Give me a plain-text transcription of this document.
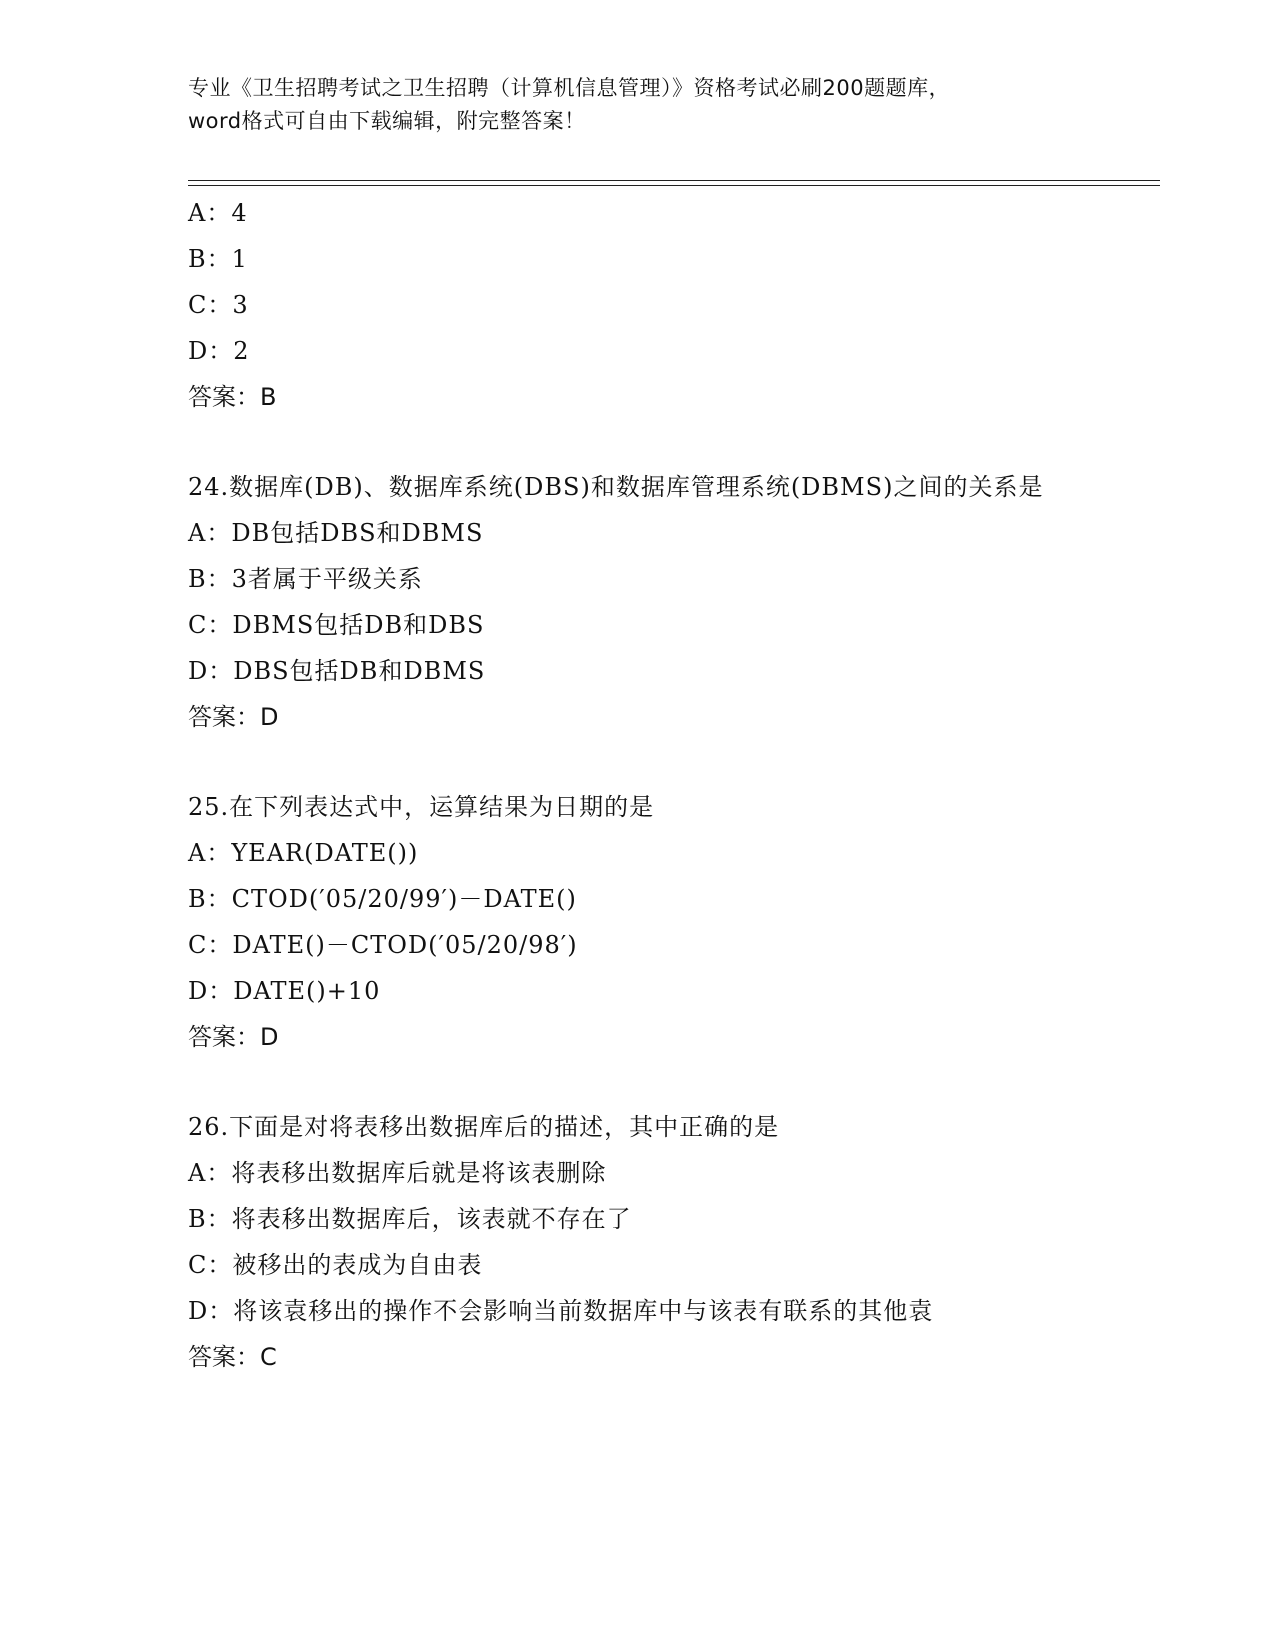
专业《卫生招聘考试之卫生招聘（计算机信息管理）》资格考试必刷200题题库，
word格式可自由下载编辑，附完整答案！
A：4
B：1
C：3
D：2
答案：B
24.数据库(DB)、数据库系统(DBS)和数据库管理系统(DBMS)之间的关系是
A：DB包括DBS和DBMS
B：3者属于平级关系
C：DBMS包括DB和DBS
D：DBS包括DB和DBMS
答案：D
25.在下列表达式中，运算结果为日期的是
A：YEAR(DATE())
B：CTOD(′05/20/99′)－DATE()
C：DATE()－CTOD(′05/20/98′)
D：DATE()+10
答案：D
26.下面是对将表移出数据库后的描述，其中正确的是
A：将表移出数据库后就是将该表删除
B：将表移出数据库后，该表就不存在了
C：被移出的表成为自由表
D：将该袁移出的操作不会影响当前数据库中与该表有联系的其他袁
答案：C
